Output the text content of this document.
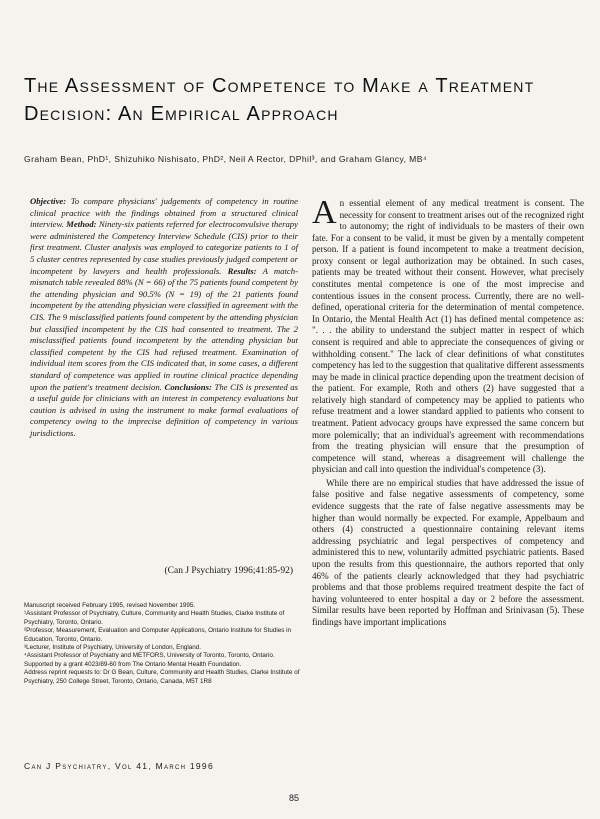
The Assessment of Competence to Make a Treatment Decision: An Empirical Approach
Graham Bean, PhD¹, Shizuhiko Nishisato, PhD², Neil A Rector, DPhil³, and Graham Glancy, MB⁴
Objective: To compare physicians' judgements of competency in routine clinical practice with the findings obtained from a structured clinical interview. Method: Ninety-six patients referred for electroconvulsive therapy were administered the Competency Interview Schedule (CIS) prior to their first treatment. Cluster analysis was employed to categorize patients to 1 of 5 cluster centres represented by case studies previously judged competent or incompetent by lawyers and health professionals. Results: A match-mismatch table revealed 88% (N = 66) of the 75 patients found competent by the attending physician and 90.5% (N = 19) of the 21 patients found incompetent by the attending physician were classified in agreement with the CIS. The 9 misclassified patients found competent by the attending physician but classified incompetent by the CIS had consented to treatment. The 2 misclassified patients found incompetent by the attending physician but classified competent by the CIS had refused treatment. Examination of individual item scores from the CIS indicated that, in some cases, a different standard of competence was applied in routine clinical practice depending upon the patient's treatment decision. Conclusions: The CIS is presented as a useful guide for clinicians with an interest in competency evaluations but caution is advised in using the instrument to make formal evaluations of competency owing to the imprecise definition of competency in various jurisdictions.
(Can J Psychiatry 1996;41:85-92)

Manuscript received February 1995, revised November 1995.

¹Assistant Professor of Psychiatry, Culture, Community and Health Studies, Clarke Institute of Psychiatry, Toronto, Ontario.

²Professor, Measurement, Evaluation and Computer Applications, Ontario Institute for Studies in Education, Toronto, Ontario.

³Lecturer, Institute of Psychiatry, University of London, England.

⁴Assistant Professor of Psychiatry and METFORS, University of Toronto, Toronto, Ontario.

Supported by a grant 4023/89-60 from The Ontario Mental Health Foundation.

Address reprint requests to: Dr G Bean, Culture, Community and Health Studies, Clarke Institute of Psychiatry, 250 College Street, Toronto, Ontario, Canada, M5T 1R8

An essential element of any medical treatment is consent. The necessity for consent to treatment arises out of the recognized right to autonomy; the right of individuals to be masters of their own fate. For a consent to be valid, it must be given by a mentally competent person. If a patient is found incompetent to make a treatment decision, proxy consent or legal authorization may be obtained. In such cases, patients may be treated without their consent. However, what precisely constitutes mental competence is one of the most imprecise and contentious issues in the consent process. Currently, there are no well-defined, operational criteria for the determination of mental competence. In Ontario, the Mental Health Act (1) has defined mental competence as: ". . . the ability to understand the subject matter in respect of which consent is required and able to appreciate the consequences of giving or withholding consent." The lack of clear definitions of what constitutes competency has led to the suggestion that qualitative different assessments may be made in clinical practice depending upon the treatment decision of the patient. For example, Roth and others (2) have suggested that a relatively high standard of competency may be applied to patients who refuse treatment and a lower standard applied to patients who consent to treatment. Patient advocacy groups have expressed the same concern but more polemically; that an individual's agreement with recommendations from the treating physician will ensure that the presumption of competence will stand, whereas a disagreement will challenge the physician and call into question the individual's competence (3).

While there are no empirical studies that have addressed the issue of false positive and false negative assessments of competency, some evidence suggests that the rate of false negative assessments may be higher than would normally be expected. For example, Appelbaum and others (4) constructed a questionnaire containing relevant items addressing psychiatric and legal perspectives of competency and administered this to new, voluntarily admitted psychiatric patients. Based upon the results from this questionnaire, the authors reported that only 46% of the patients clearly acknowledged that they had psychiatric problems and that those problems required treatment despite the fact of having volunteered to enter hospital a day or 2 before the assessment. Similar results have been reported by Hoffman and Srinivasan (5). These findings have important implications

Can J Psychiatry, Vol 41, March 1996
85
